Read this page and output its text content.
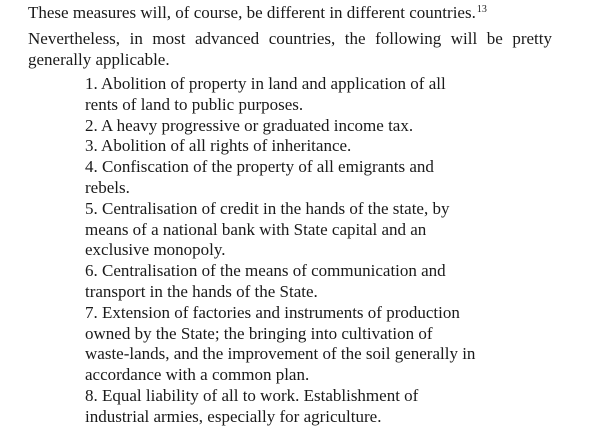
These measures will, of course, be different in different countries.$^{13}$

Nevertheless, in most advanced countries, the following will be pretty
generally applicable.

1. Abolition of property in land and application of all
rents of land to public purposes.
2. A heavy progressive or graduated income tax.
3. Abolition of all rights of inheritance.
4. Confiscation of the property of all emigrants and
rebels.
5. Centralisation of credit in the hands of the state, by
means of a national bank with State capital and an
exclusive monopoly.
6. Centralisation of the means of communication and
transport in the hands of the State.
7. Extension of factories and instruments of production
owned by the State; the bringing into cultivation of
waste-lands, and the improvement of the soil generally in
accordance with a common plan.
8. Equal liability of all to work. Establishment of
industrial armies, especially for agriculture.
